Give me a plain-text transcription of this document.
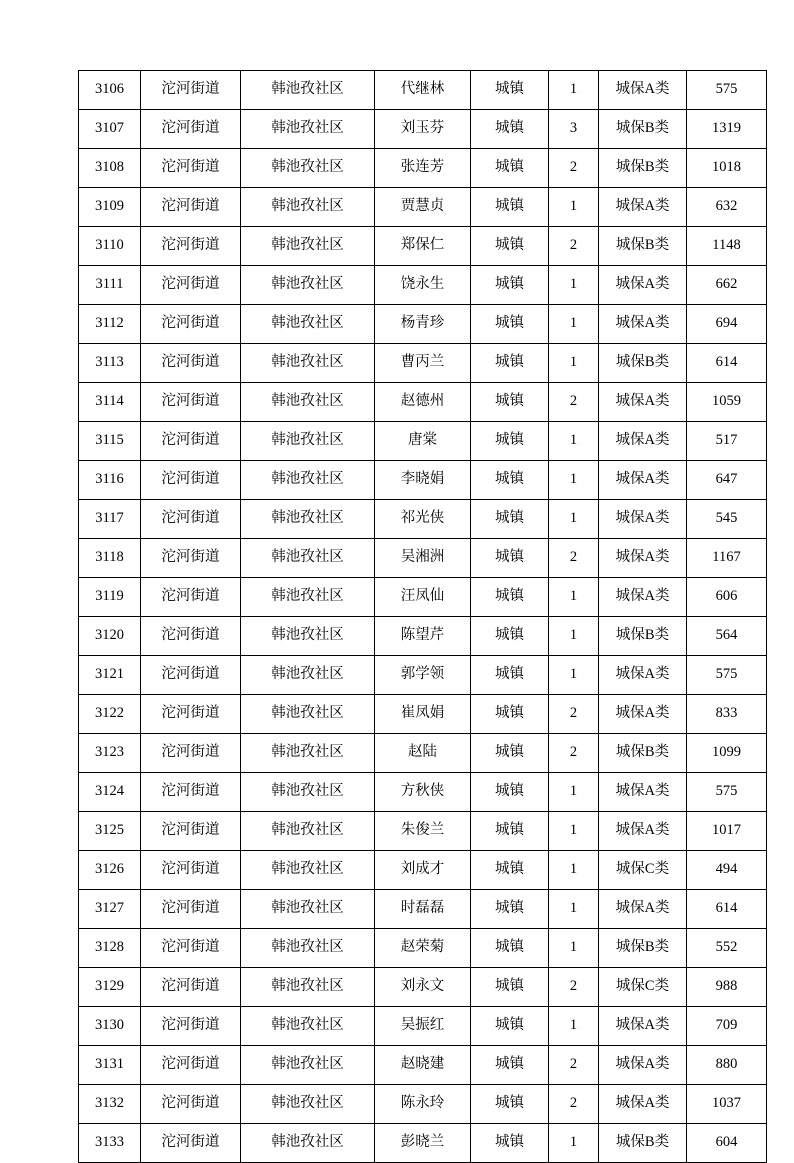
3106	沱河街道	韩池孜社区	代继林	城镇	1	城保A类	575
3107	沱河街道	韩池孜社区	刘玉芬	城镇	3	城保B类	1319
3108	沱河街道	韩池孜社区	张连芳	城镇	2	城保B类	1018
3109	沱河街道	韩池孜社区	贾慧贞	城镇	1	城保A类	632
3110	沱河街道	韩池孜社区	郑保仁	城镇	2	城保B类	1148
3111	沱河街道	韩池孜社区	饶永生	城镇	1	城保A类	662
3112	沱河街道	韩池孜社区	杨青珍	城镇	1	城保A类	694
3113	沱河街道	韩池孜社区	曹丙兰	城镇	1	城保B类	614
3114	沱河街道	韩池孜社区	赵德州	城镇	2	城保A类	1059
3115	沱河街道	韩池孜社区	唐棠	城镇	1	城保A类	517
3116	沱河街道	韩池孜社区	李晓娟	城镇	1	城保A类	647
3117	沱河街道	韩池孜社区	祁光侠	城镇	1	城保A类	545
3118	沱河街道	韩池孜社区	吴湘洲	城镇	2	城保A类	1167
3119	沱河街道	韩池孜社区	汪凤仙	城镇	1	城保A类	606
3120	沱河街道	韩池孜社区	陈望芹	城镇	1	城保B类	564
3121	沱河街道	韩池孜社区	郭学领	城镇	1	城保A类	575
3122	沱河街道	韩池孜社区	崔凤娟	城镇	2	城保A类	833
3123	沱河街道	韩池孜社区	赵陆	城镇	2	城保B类	1099
3124	沱河街道	韩池孜社区	方秋侠	城镇	1	城保A类	575
3125	沱河街道	韩池孜社区	朱俊兰	城镇	1	城保A类	1017
3126	沱河街道	韩池孜社区	刘成才	城镇	1	城保C类	494
3127	沱河街道	韩池孜社区	时磊磊	城镇	1	城保A类	614
3128	沱河街道	韩池孜社区	赵荣菊	城镇	1	城保B类	552
3129	沱河街道	韩池孜社区	刘永文	城镇	2	城保C类	988
3130	沱河街道	韩池孜社区	吴振红	城镇	1	城保A类	709
3131	沱河街道	韩池孜社区	赵晓建	城镇	2	城保A类	880
3132	沱河街道	韩池孜社区	陈永玲	城镇	2	城保A类	1037
3133	沱河街道	韩池孜社区	彭晓兰	城镇	1	城保B类	604
